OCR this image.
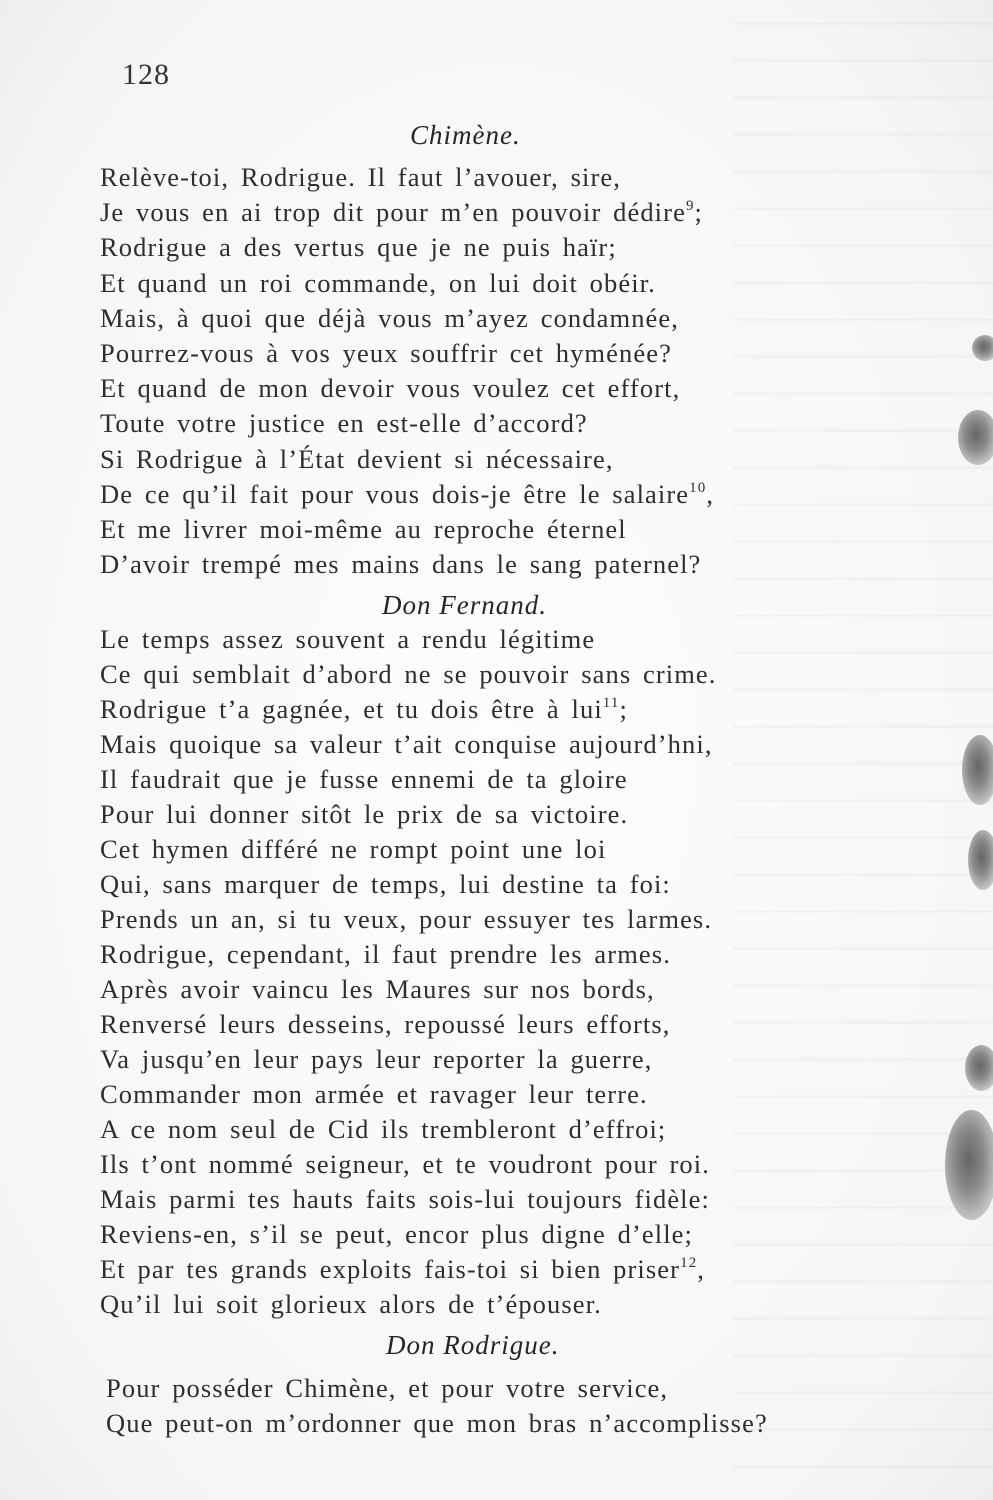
128
Chimène.
Relève-toi, Rodrigue. Il faut l’avouer, sire,
Je vous en ai trop dit pour m’en pouvoir dédire$^9$;
Rodrigue a des vertus que je ne puis haïr;
Et quand un roi commande, on lui doit obéir.
Mais, à quoi que déjà vous m’ayez condamnée,
Pourrez-vous à vos yeux souffrir cet hyménée?
Et quand de mon devoir vous voulez cet effort,
Toute votre justice en est-elle d’accord?
Si Rodrigue à l’État devient si nécessaire,
De ce qu’il fait pour vous dois-je être le salaire$^{10}$,
Et me livrer moi-même au reproche éternel
D’avoir trempé mes mains dans le sang paternel?
Don Fernand.
Le temps assez souvent a rendu légitime
Ce qui semblait d’abord ne se pouvoir sans crime.
Rodrigue t’a gagnée, et tu dois être à lui$^{11}$;
Mais quoique sa valeur t’ait conquise aujourd’hni,
Il faudrait que je fusse ennemi de ta gloire
Pour lui donner sitôt le prix de sa victoire.
Cet hymen différé ne rompt point une loi
Qui, sans marquer de temps, lui destine ta foi:
Prends un an, si tu veux, pour essuyer tes larmes.
Rodrigue, cependant, il faut prendre les armes.
Après avoir vaincu les Maures sur nos bords,
Renversé leurs desseins, repoussé leurs efforts,
Va jusqu’en leur pays leur reporter la guerre,
Commander mon armée et ravager leur terre.
A ce nom seul de Cid ils trembleront d’effroi;
Ils t’ont nommé seigneur, et te voudront pour roi.
Mais parmi tes hauts faits sois-lui toujours fidèle:
Reviens-en, s’il se peut, encor plus digne d’elle;
Et par tes grands exploits fais-toi si bien priser$^{12}$,
Qu’il lui soit glorieux alors de t’épouser.
Don Rodrigue.
Pour posséder Chimène, et pour votre service,
Que peut-on m’ordonner que mon bras n’accomplisse?
